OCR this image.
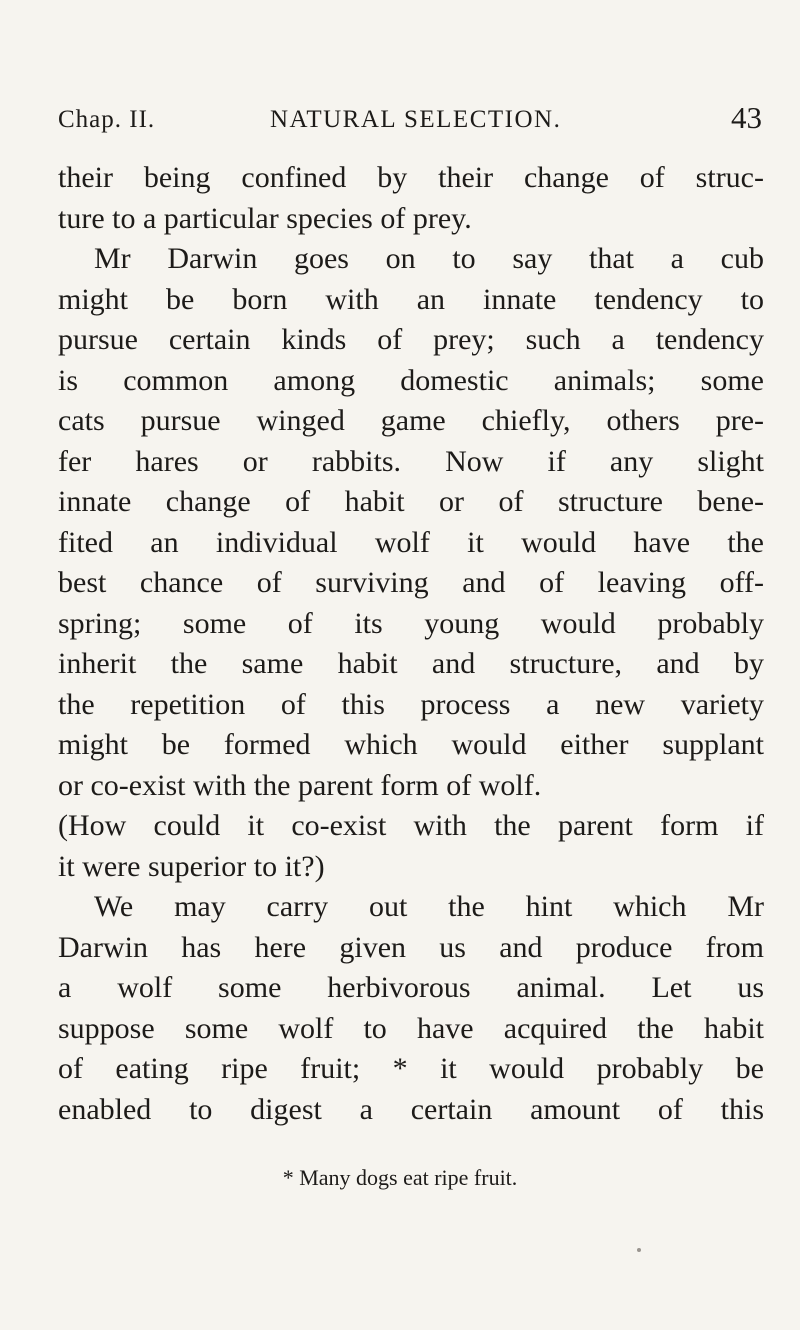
Chap. II.	NATURAL SELECTION.	43
their being confined by their change of struc-
ture to a particular species of prey.
Mr Darwin goes on to say that a cub
might be born with an innate tendency to
pursue certain kinds of prey; such a tendency
is common among domestic animals; some
cats pursue winged game chiefly, others pre-
fer hares or rabbits. Now if any slight
innate change of habit or of structure bene-
fited an individual wolf it would have the
best chance of surviving and of leaving off-
spring; some of its young would probably
inherit the same habit and structure, and by
the repetition of this process a new variety
might be formed which would either supplant
or co-exist with the parent form of wolf.
(How could it co-exist with the parent form if
it were superior to it?)
We may carry out the hint which Mr
Darwin has here given us and produce from
a wolf some herbivorous animal. Let us
suppose some wolf to have acquired the habit
of eating ripe fruit; * it would probably be
enabled to digest a certain amount of this
* Many dogs eat ripe fruit.
